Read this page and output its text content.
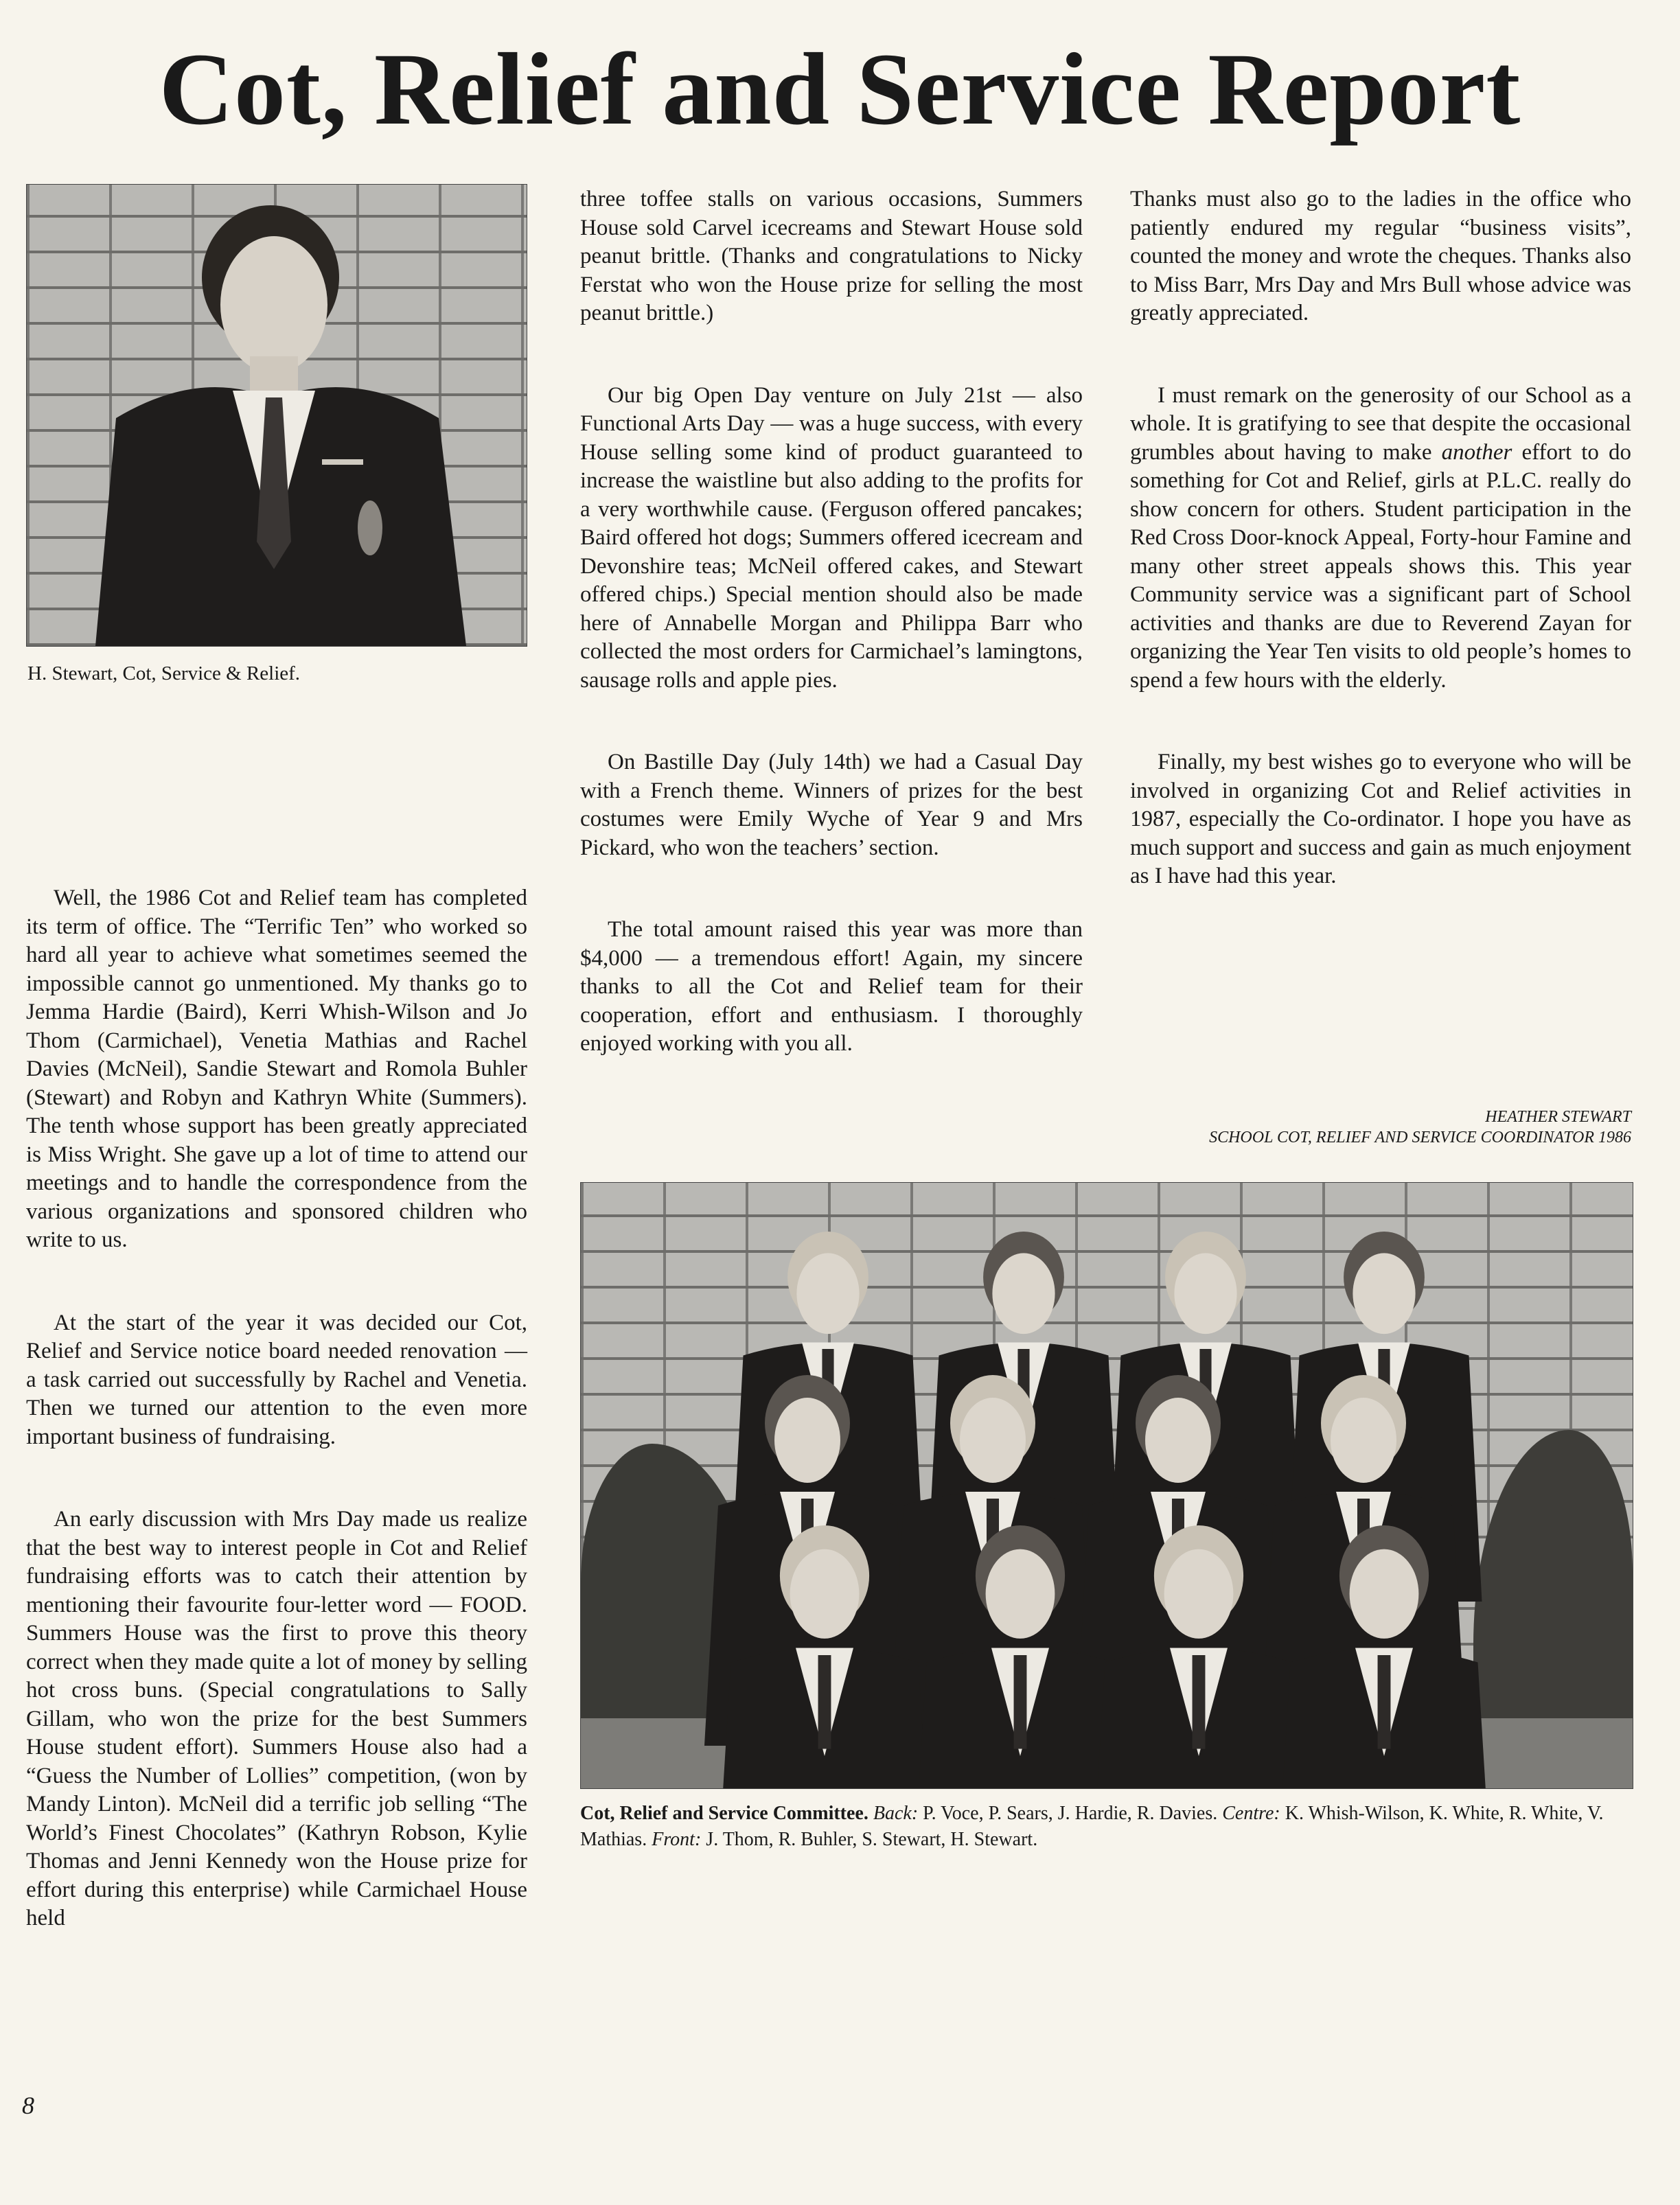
Cot, Relief and Service Report
H. Stewart, Cot, Service & Relief.

Well, the 1986 Cot and Relief team has completed its term of office. The “Terrific Ten” who worked so hard all year to achieve what sometimes seemed the impossible cannot go unmentioned. My thanks go to Jemma Hardie (Baird), Kerri Whish-Wilson and Jo Thom (Carmichael), Venetia Mathias and Rachel Davies (McNeil), Sandie Stewart and Romola Buhler (Stewart) and Robyn and Kathryn White (Summers). The tenth whose support has been greatly appreciated is Miss Wright. She gave up a lot of time to attend our meetings and to handle the correspondence from the various organizations and sponsored children who write to us.

At the start of the year it was decided our Cot, Relief and Service notice board needed renovation — a task carried out successfully by Rachel and Venetia. Then we turned our attention to the even more important business of fundraising.

An early discussion with Mrs Day made us realize that the best way to interest people in Cot and Relief fundraising efforts was to catch their attention by mentioning their favourite four-letter word — FOOD. Summers House was the first to prove this theory correct when they made quite a lot of money by selling hot cross buns. (Special congratulations to Sally Gillam, who won the prize for the best Summers House student effort). Summers House also had a “Guess the Number of Lollies” competition, (won by Mandy Linton). McNeil did a terrific job selling “The World’s Finest Chocolates” (Kathryn Robson, Kylie Thomas and Jenni Kennedy won the House prize for effort during this enterprise) while Carmichael House held

three toffee stalls on various occasions, Summers House sold Carvel icecreams and Stewart House sold peanut brittle. (Thanks and congratulations to Nicky Ferstat who won the House prize for selling the most peanut brittle.)

Our big Open Day venture on July 21st — also Functional Arts Day — was a huge success, with every House selling some kind of product guaranteed to increase the waistline but also adding to the profits for a very worthwhile cause. (Ferguson offered pancakes; Baird offered hot dogs; Summers offered icecream and Devonshire teas; McNeil offered cakes, and Stewart offered chips.) Special mention should also be made here of Annabelle Morgan and Philippa Barr who collected the most orders for Carmichael’s lamingtons, sausage rolls and apple pies.

On Bastille Day (July 14th) we had a Casual Day with a French theme. Winners of prizes for the best costumes were Emily Wyche of Year 9 and Mrs Pickard, who won the teachers’ section.

The total amount raised this year was more than $4,000 — a tremendous effort! Again, my sincere thanks to all the Cot and Relief team for their cooperation, effort and enthusiasm. I thoroughly enjoyed working with you all.

Thanks must also go to the ladies in the office who patiently endured my regular “business visits”, counted the money and wrote the cheques. Thanks also to Miss Barr, Mrs Day and Mrs Bull whose advice was greatly appreciated.

I must remark on the generosity of our School as a whole. It is gratifying to see that despite the occasional grumbles about having to make another effort to do something for Cot and Relief, girls at P.L.C. really do show concern for others. Student participation in the Red Cross Door-knock Appeal, Forty-hour Famine and many other street appeals shows this. This year Community service was a significant part of School activities and thanks are due to Reverend Zayan for organizing the Year Ten visits to old people’s homes to spend a few hours with the elderly.

Finally, my best wishes go to everyone who will be involved in organizing Cot and Relief activities in 1987, especially the Co-ordinator. I hope you have as much support and success and gain as much enjoyment as I have had this year.

HEATHER STEWART
SCHOOL COT, RELIEF AND SERVICE COORDINATOR 1986
Cot, Relief and Service Committee. Back: P. Voce, P. Sears, J. Hardie, R. Davies. Centre: K. Whish-Wilson, K. White, R. White, V. Mathias. Front: J. Thom, R. Buhler, S. Stewart, H. Stewart.
8
